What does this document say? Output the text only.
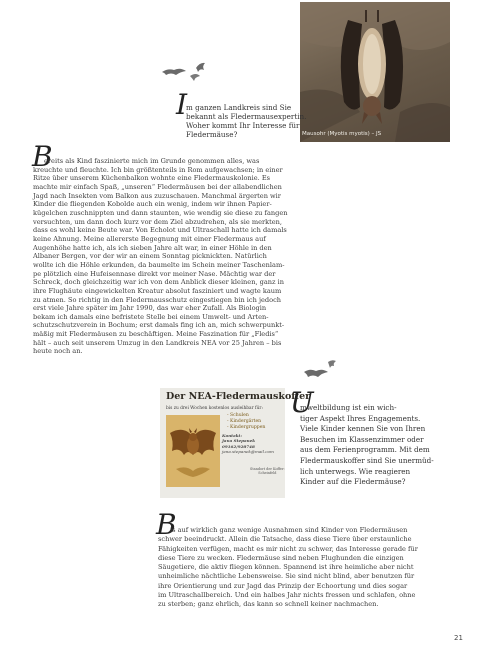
Mausohr (Myotis myotis) – JS
I
m ganzen Landkreis sind Sie
bekannt als Fledermausexpertin.
Woher kommt Ihr Interesse für
Fledermäuse?
B

ereits als Kind faszinierte mich im Grunde genommen alles, was
kreuchte und fleuchte. Ich bin größtenteils in Rom aufgewachsen; in einer
Ritze über unserem Küchenbalkon wohnte eine Fledermauskolonie. Es
machte mir einfach Spaß, „unseren“ Fledermäusen bei der allabendlichen
Jagd nach Insekten vom Balkon aus zuzuschauen. Manchmal ärgerten wir
Kinder die fliegenden Kobolde auch ein wenig, indem wir ihnen Papier-
kügelchen zuschnippten und dann staunten, wie wendig sie diese zu fangen
versuchten, um dann doch kurz vor dem Ziel abzudrehen, als sie merkten,
dass es wohl keine Beute war. Von Echolot und Ultraschall hatte ich damals
keine Ahnung. Meine allererste Begegnung mit einer Fledermaus auf
Augenhöhe hatte ich, als ich sieben Jahre alt war, in einer Höhle in den
Albaner Bergen, vor der wir an einem Sonntag picknickten. Natürlich
wollte ich die Höhle erkunden, da baumelte im Schein meiner Taschenlam-
pe plötzlich eine Hufeisennase direkt vor meiner Nase. Mächtig war der
Schreck, doch gleichzeitig war ich von dem Anblick dieser kleinen, ganz in
ihre Flughäute eingewickelten Kreatur absolut fasziniert und wagte kaum
zu atmen. So richtig in den Fledermausschutz eingestiegen bin ich jedoch
erst viele Jahre später im Jahr 1990, das war eher Zufall. Als Biologin
bekam ich damals eine befristete Stelle bei einem Umwelt- und Arten-
schutzschutzverein in Bochum; erst damals fing ich an, mich schwerpunkt-
mäßig mit Fledermäusen zu beschäftigen. Meine Faszination für „Fledis“
hält – auch seit unserem Umzug in den Landkreis NEA vor 25 Jahren – bis
heute noch an.

Der NEA-Fledermauskoffer
bis zu drei Wochen kostenlos ausleihbar für:
- Schulen
- Kindergärten
- Kindergruppen
Kontakt:
Jana Stepanek
09162/928748
jana.stepanek@mail.com
Standort der Koffer:
Scheinfeld
U
mweltbildung ist ein wich-
tiger Aspekt Ihres Engagements.
Viele Kinder kennen Sie von Ihren
Besuchen im Klassenzimmer oder
aus dem Ferienprogramm. Mit dem
Fledermauskoffer sind Sie unermüd-
lich unterwegs. Wie reagieren
Kinder auf die Fledermäuse?
B

is auf wirklich ganz wenige Ausnahmen sind Kinder von Fledermäusen
schwer beeindruckt. Allein die Tatsache, dass diese Tiere über erstaunliche
Fähigkeiten verfügen, macht es mir nicht zu schwer, das Interesse gerade für
diese Tiere zu wecken. Fledermäuse sind neben Flughunden die einzigen
Säugetiere, die aktiv fliegen können. Spannend ist ihre heimliche aber nicht
unheimliche nächtliche Lebensweise. Sie sind nicht blind, aber benutzen für
ihre Orientierung und zur Jagd das Prinzip der Echoortung und dies sogar
im Ultraschallbereich. Und ein halbes Jahr nichts fressen und schlafen, ohne
zu sterben; ganz ehrlich, das kann so schnell keiner nachmachen.

21
